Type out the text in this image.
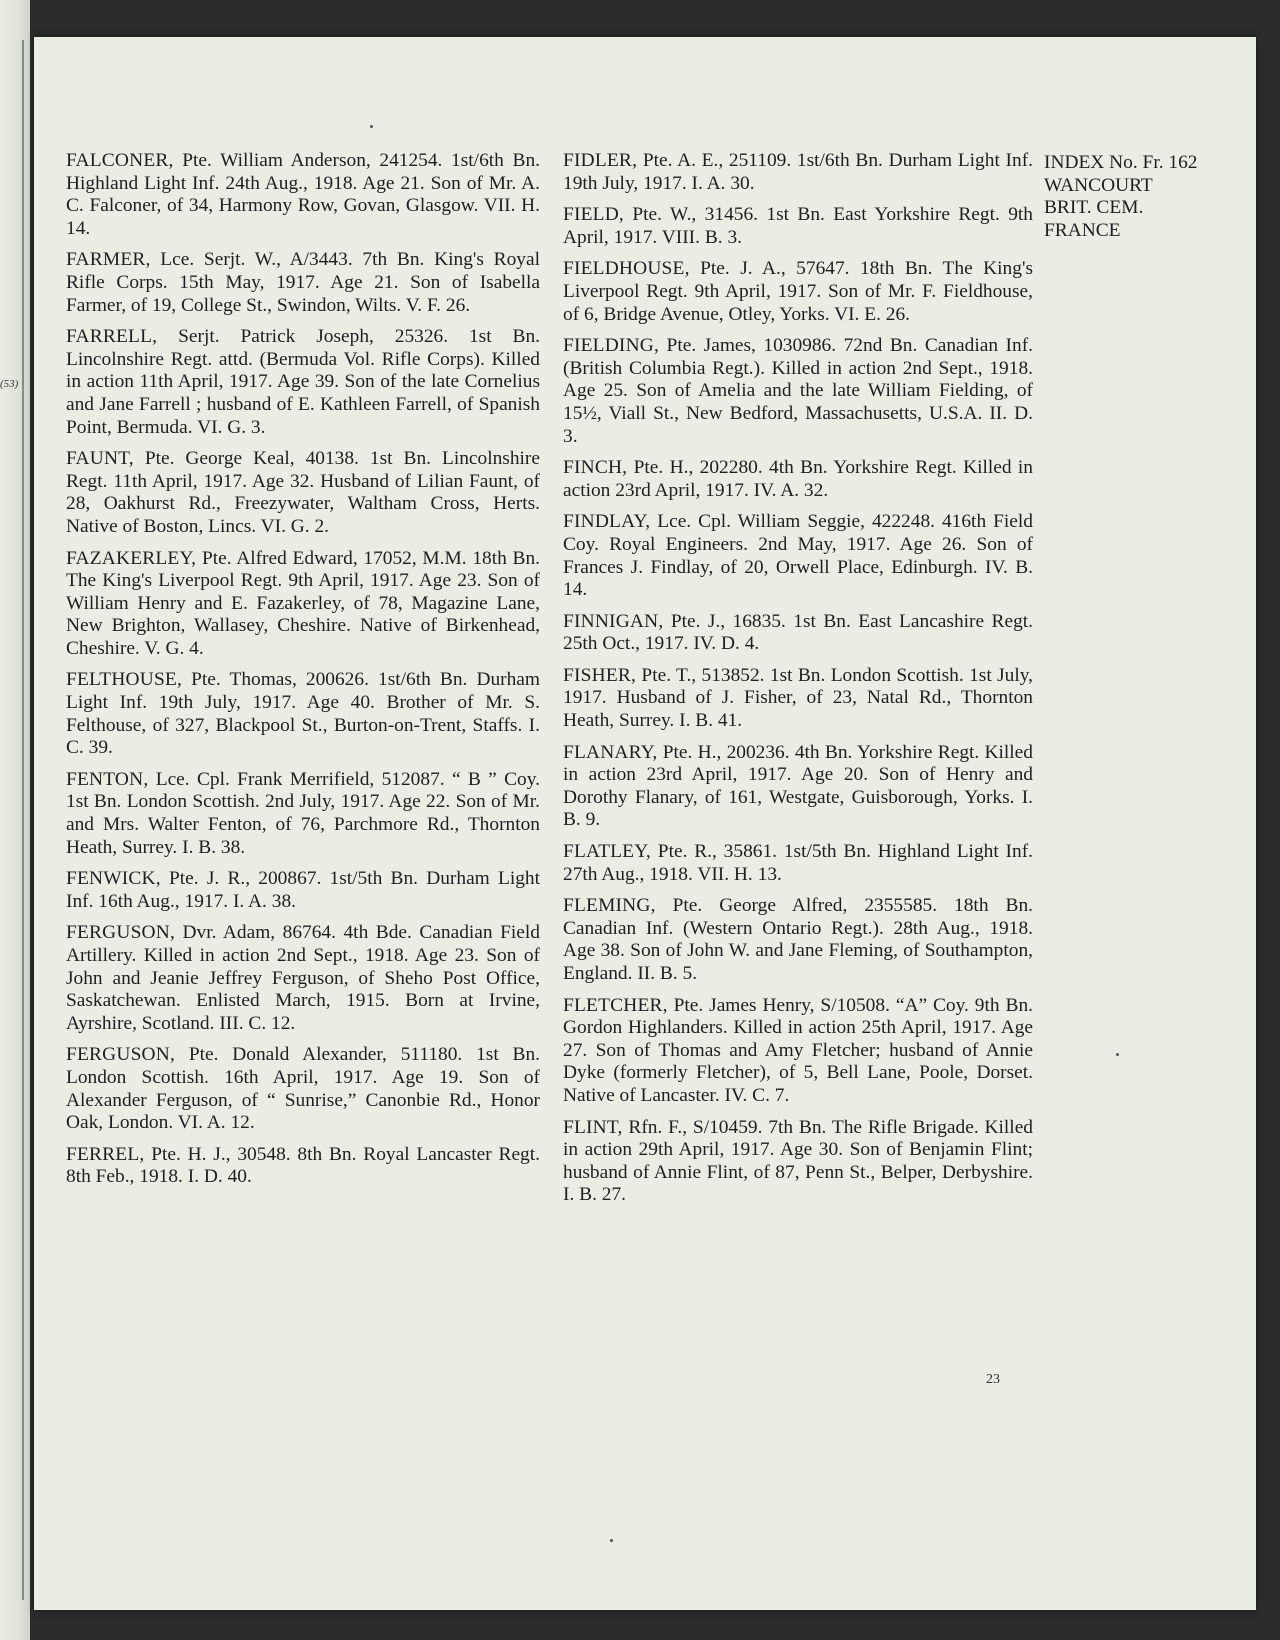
(53)

FALCONER, Pte. William Anderson, 241254. 1st/6th Bn. Highland Light Inf. 24th Aug., 1918. Age 21. Son of Mr. A. C. Falconer, of 34, Harmony Row, Govan, Glasgow. VII. H. 14.

FARMER, Lce. Serjt. W., A/3443. 7th Bn. King's Royal Rifle Corps. 15th May, 1917. Age 21. Son of Isabella Farmer, of 19, College St., Swindon, Wilts. V. F. 26.

FARRELL, Serjt. Patrick Joseph, 25326. 1st Bn. Lincolnshire Regt. attd. (Bermuda Vol. Rifle Corps). Killed in action 11th April, 1917. Age 39. Son of the late Cornelius and Jane Farrell ; husband of E. Kathleen Farrell, of Spanish Point, Bermuda. VI. G. 3.

FAUNT, Pte. George Keal, 40138. 1st Bn. Lincolnshire Regt. 11th April, 1917. Age 32. Husband of Lilian Faunt, of 28, Oakhurst Rd., Freezywater, Waltham Cross, Herts. Native of Boston, Lincs. VI. G. 2.

FAZAKERLEY, Pte. Alfred Edward, 17052, M.M. 18th Bn. The King's Liverpool Regt. 9th April, 1917. Age 23. Son of William Henry and E. Fazakerley, of 78, Magazine Lane, New Brighton, Wallasey, Cheshire. Native of Birkenhead, Cheshire. V. G. 4.

FELTHOUSE, Pte. Thomas, 200626. 1st/6th Bn. Durham Light Inf. 19th July, 1917. Age 40. Brother of Mr. S. Felthouse, of 327, Blackpool St., Burton-on-Trent, Staffs. I. C. 39.

FENTON, Lce. Cpl. Frank Merrifield, 512087. “ B ” Coy. 1st Bn. London Scottish. 2nd July, 1917. Age 22. Son of Mr. and Mrs. Walter Fenton, of 76, Parchmore Rd., Thornton Heath, Surrey. I. B. 38.

FENWICK, Pte. J. R., 200867. 1st/5th Bn. Durham Light Inf. 16th Aug., 1917. I. A. 38.

FERGUSON, Dvr. Adam, 86764. 4th Bde. Canadian Field Artillery. Killed in action 2nd Sept., 1918. Age 23. Son of John and Jeanie Jeffrey Ferguson, of Sheho Post Office, Saskatchewan. Enlisted March, 1915. Born at Irvine, Ayrshire, Scotland. III. C. 12.

FERGUSON, Pte. Donald Alexander, 511180. 1st Bn. London Scottish. 16th April, 1917. Age 19. Son of Alexander Ferguson, of “ Sunrise,” Canonbie Rd., Honor Oak, London. VI. A. 12.

FERREL, Pte. H. J., 30548. 8th Bn. Royal Lancaster Regt. 8th Feb., 1918. I. D. 40.

FIDLER, Pte. A. E., 251109. 1st/6th Bn. Durham Light Inf. 19th July, 1917. I. A. 30.

FIELD, Pte. W., 31456. 1st Bn. East Yorkshire Regt. 9th April, 1917. VIII. B. 3.

FIELDHOUSE, Pte. J. A., 57647. 18th Bn. The King's Liverpool Regt. 9th April, 1917. Son of Mr. F. Fieldhouse, of 6, Bridge Avenue, Otley, Yorks. VI. E. 26.

FIELDING, Pte. James, 1030986. 72nd Bn. Canadian Inf. (British Columbia Regt.). Killed in action 2nd Sept., 1918. Age 25. Son of Amelia and the late William Fielding, of 15½, Viall St., New Bedford, Massachusetts, U.S.A. II. D. 3.

FINCH, Pte. H., 202280. 4th Bn. Yorkshire Regt. Killed in action 23rd April, 1917. IV. A. 32.

FINDLAY, Lce. Cpl. William Seggie, 422248. 416th Field Coy. Royal Engineers. 2nd May, 1917. Age 26. Son of Frances J. Findlay, of 20, Orwell Place, Edinburgh. IV. B. 14.

FINNIGAN, Pte. J., 16835. 1st Bn. East Lancashire Regt. 25th Oct., 1917. IV. D. 4.

FISHER, Pte. T., 513852. 1st Bn. London Scottish. 1st July, 1917. Husband of J. Fisher, of 23, Natal Rd., Thornton Heath, Surrey. I. B. 41.

FLANARY, Pte. H., 200236. 4th Bn. Yorkshire Regt. Killed in action 23rd April, 1917. Age 20. Son of Henry and Dorothy Flanary, of 161, Westgate, Guisborough, Yorks. I. B. 9.

FLATLEY, Pte. R., 35861. 1st/5th Bn. Highland Light Inf. 27th Aug., 1918. VII. H. 13.

FLEMING, Pte. George Alfred, 2355585. 18th Bn. Canadian Inf. (Western Ontario Regt.). 28th Aug., 1918. Age 38. Son of John W. and Jane Fleming, of Southampton, England. II. B. 5.

FLETCHER, Pte. James Henry, S/10508. “A” Coy. 9th Bn. Gordon Highlanders. Killed in action 25th April, 1917. Age 27. Son of Thomas and Amy Fletcher; husband of Annie Dyke (formerly Fletcher), of 5, Bell Lane, Poole, Dorset. Native of Lancaster. IV. C. 7.

FLINT, Rfn. F., S/10459. 7th Bn. The Rifle Brigade. Killed in action 29th April, 1917. Age 30. Son of Benjamin Flint; husband of Annie Flint, of 87, Penn St., Belper, Derbyshire. I. B. 27.

INDEX No. Fr. 162
WANCOURT
BRIT. CEM.
FRANCE
23
